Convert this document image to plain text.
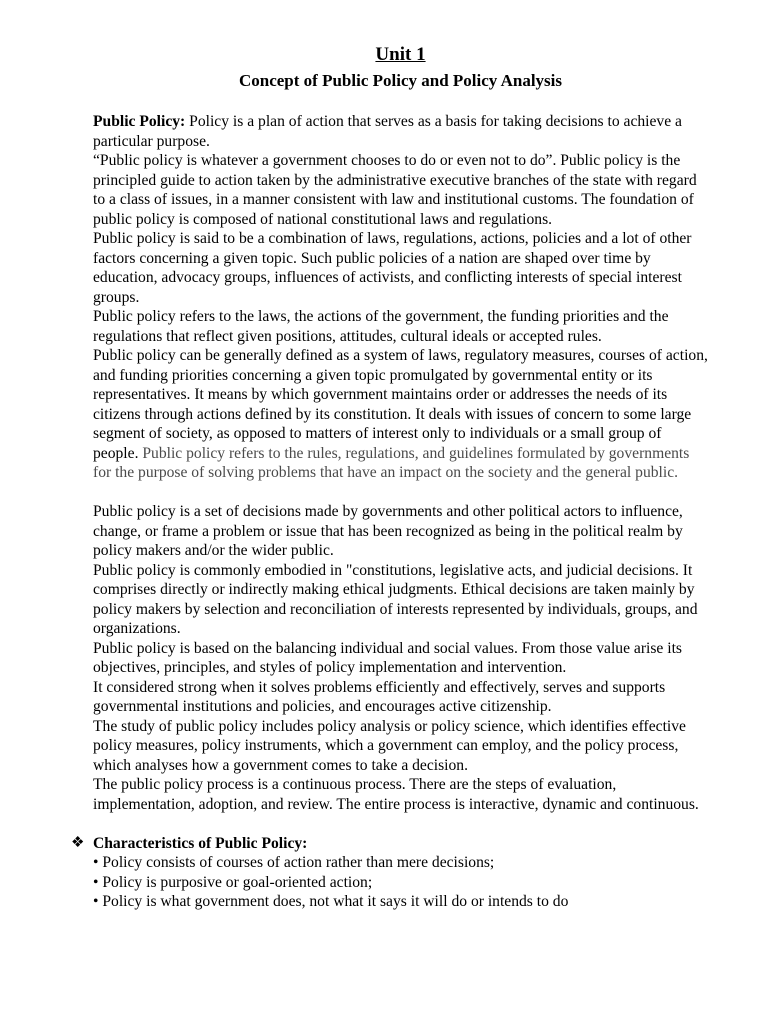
Unit 1
Concept of Public Policy and Policy Analysis

Public Policy: Policy is a plan of action that serves as a basis for taking decisions to achieve a particular purpose.

“Public policy is whatever a government chooses to do or even not to do”. Public policy is the principled guide to action taken by the administrative executive branches of the state with regard to a class of issues, in a manner consistent with law and institutional customs. The foundation of public policy is composed of national constitutional laws and regulations.

Public policy is said to be a combination of laws, regulations, actions, policies and a lot of other factors concerning a given topic. Such public policies of a nation are shaped over time by education, advocacy groups, influences of activists, and conflicting interests of special interest groups.

Public policy refers to the laws, the actions of the government, the funding priorities and the regulations that reflect given positions, attitudes, cultural ideals or accepted rules.

Public policy can be generally defined as a system of laws, regulatory measures, courses of action, and funding priorities concerning a given topic promulgated by governmental entity or its representatives. It means by which government maintains order or addresses the needs of its citizens through actions defined by its constitution. It deals with issues of concern to some large segment of society, as opposed to matters of interest only to individuals or a small group of people. Public policy refers to the rules, regulations, and guidelines formulated by governments for the purpose of solving problems that have an impact on the society and the general public.

Public policy is a set of decisions made by governments and other political actors to influence, change, or frame a problem or issue that has been recognized as being in the political realm by policy makers and/or the wider public.

Public policy is commonly embodied in "constitutions, legislative acts, and judicial decisions. It comprises directly or indirectly making ethical judgments. Ethical decisions are taken mainly by policy makers by selection and reconciliation of interests represented by individuals, groups, and organizations.

Public policy is based on the balancing individual and social values. From those value arise its objectives, principles, and styles of policy implementation and intervention.

It considered strong when it solves problems efficiently and effectively, serves and supports governmental institutions and policies, and encourages active citizenship.

The study of public policy includes policy analysis or policy science, which identifies effective policy measures, policy instruments, which a government can employ, and the policy process, which analyses how a government comes to take a decision.

The public policy process is a continuous process. There are the steps of evaluation, implementation, adoption, and review. The entire process is interactive, dynamic and continuous.

❖ Characteristics of Public Policy:

• Policy consists of courses of action rather than mere decisions;
• Policy is purposive or goal-oriented action;
• Policy is what government does, not what it says it will do or intends to do
